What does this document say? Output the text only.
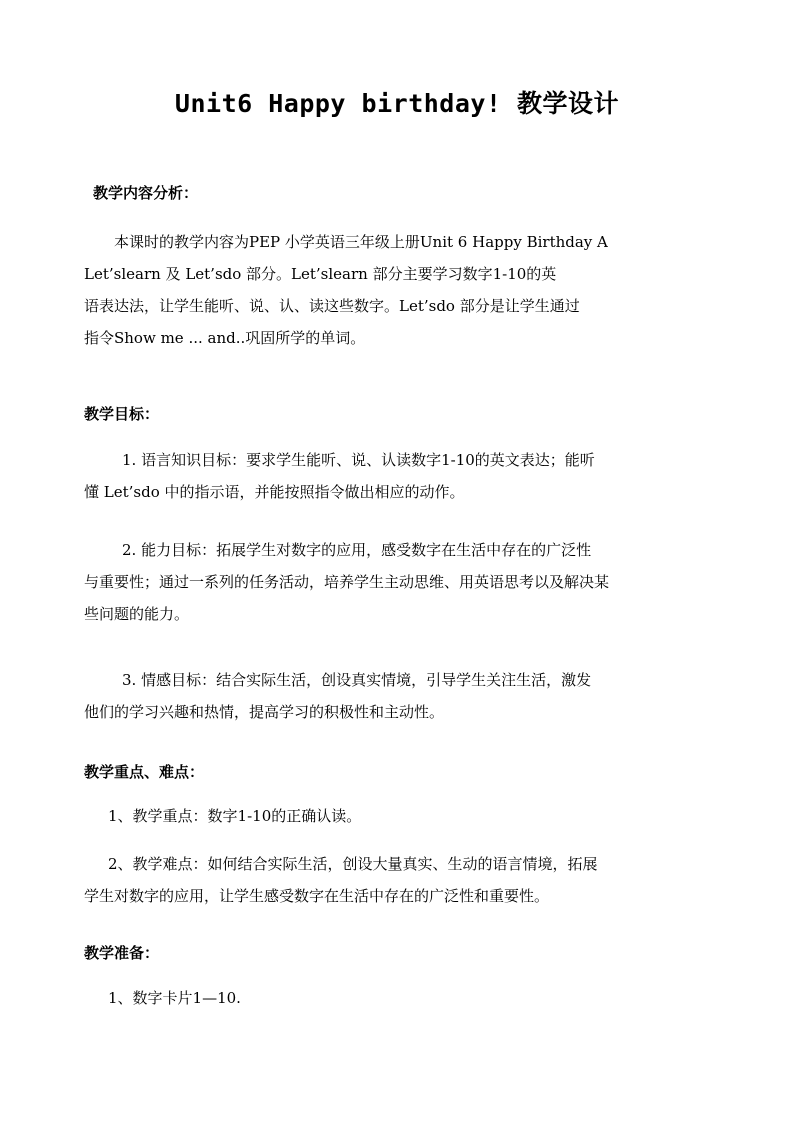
Unit6 Happy birthday! 教学设计
教学内容分析：
本课时的教学内容为PEP 小学英语三年级上册Unit 6 Happy Birthday A
Let’slearn 及 Let’sdo 部分。Let’slearn 部分主要学习数字1-10的英
语表达法，让学生能听、说、认、读这些数字。Let’sdo 部分是让学生通过
指令Show me ... and..巩固所学的单词。
教学目标：
1. 语言知识目标：要求学生能听、说、认读数字1-10的英文表达；能听
懂 Let’sdo 中的指示语，并能按照指令做出相应的动作。
2. 能力目标：拓展学生对数字的应用，感受数字在生活中存在的广泛性
与重要性；通过一系列的任务活动，培养学生主动思维、用英语思考以及解决某
些问题的能力。
3. 情感目标：结合实际生活，创设真实情境，引导学生关注生活，激发
他们的学习兴趣和热情，提高学习的积极性和主动性。
教学重点、难点：
1、教学重点：数字1-10的正确认读。
2、教学难点：如何结合实际生活，创设大量真实、生动的语言情境，拓展
学生对数字的应用，让学生感受数字在生活中存在的广泛性和重要性。
教学准备：
1、数字卡片1—10.
